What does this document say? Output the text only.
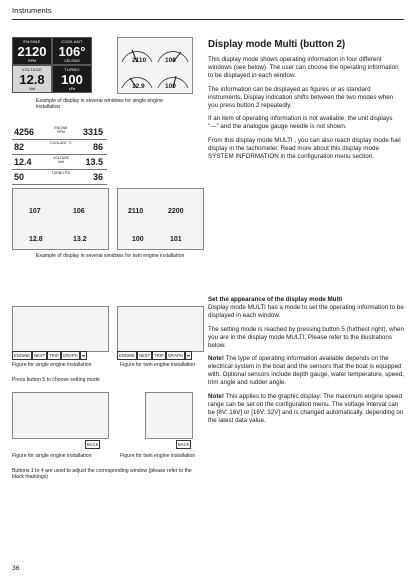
Instruments
ENGINE
2120
RPM
COOLANT
106°
CELSIUS
VOLTAGE
12.8
Volt
TURBO
100
kPa
2110	106
12.9	100
Example of display in several windows for single engine installation
4256	ENGINE RPM	3315
82	COOLANT °C 86
12.4	VOLTAGE Volt	13.5
50	TURBO PSI	36
107	106
12.8	13.2
2110	2200
100	101
Example of display in several windows for twin engine installation
ENGINE NEXT TRIP GRAPH ➡	ENGINE NEXT TRIP GRAPH ➡
Figure for single engine installation	Figure for twin engine installation
Press button 5 to choose setting mode
BACK	BACK
Figure for single engine installation	Figure for twin engine installation
Buttons 1 to 4 are used to adjust the corresponding window (please refer to the black markings)

Display mode Multi (button 2)

This display mode shows operating information in four different windows (see below). The user can choose the operating information to be displayed in each window.

The information can be displayed as figures or as standard instruments. Display indication shifts between the two modes when you press button 2 repeatedly.

If an item of operating information is not available, the unit displays "—" and the analogue gauge needle is not shown.

From this display mode MULTI , you can also reach display mode fuel display in the tachometer. Read more about this display mode SYSTEM INFORMATION in the configuration menu section.

Set the appearance of the display mode Multi

Display mode MULTI has a mode to set the operating information to be displayed in each window.

The setting mode is reached by pressing button 5 (furthest right), when you are in the display mode MULTI. Please refer to the illustrations below.

Note! The type of operating information available depends on the electrical system in the boat and the sensors that the boat is equipped with. Optional sensors include depth gauge, water temperature, speed, trim angle and rudder angle.

Note! This applies to the graphic display: The maximum engine speed range can be set on the configuration menu. The voltage interval can be [8V: 16V] or [16V: 32V] and is changed automatically, depending on the latest data value.

36
